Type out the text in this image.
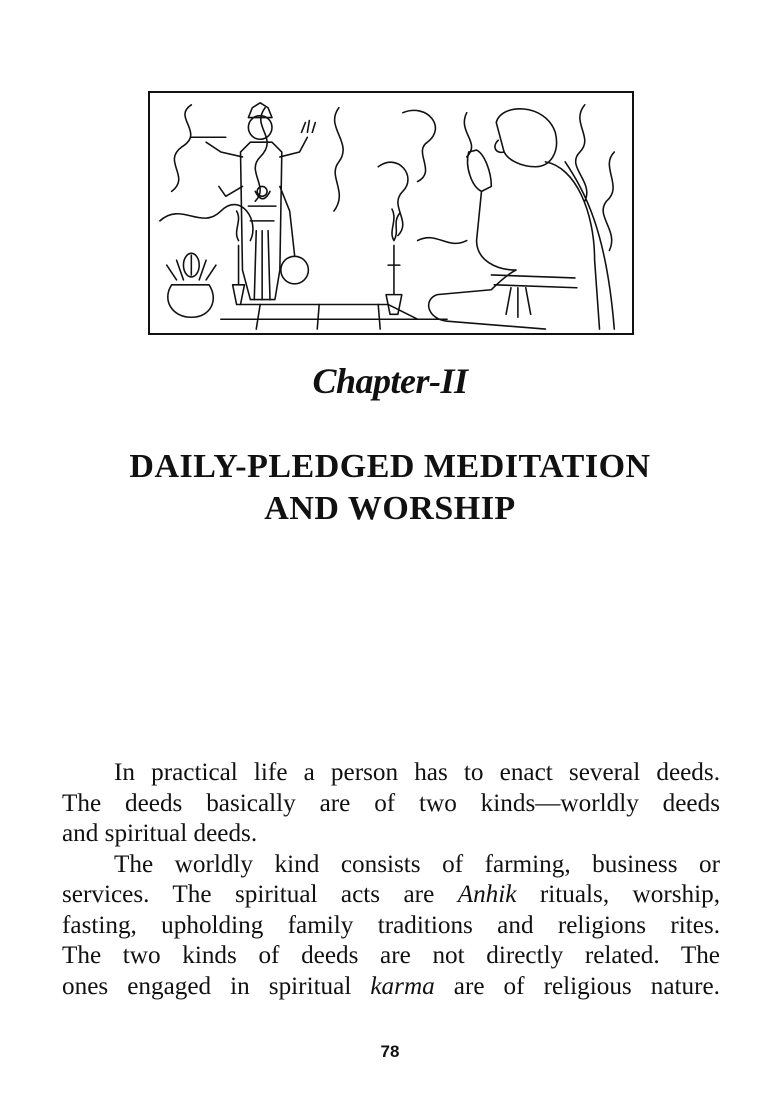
Chapter-II
DAILY-PLEDGED MEDITATION
AND WORSHIP
In practical life a person has to enact several deeds.
The deeds basically are of two kinds—worldly deeds
and spiritual deeds.
The worldly kind consists of farming, business or
services. The spiritual acts are Anhik rituals, worship,
fasting, upholding family traditions and religions rites.
The two kinds of deeds are not directly related. The
ones engaged in spiritual karma are of religious nature.
78
